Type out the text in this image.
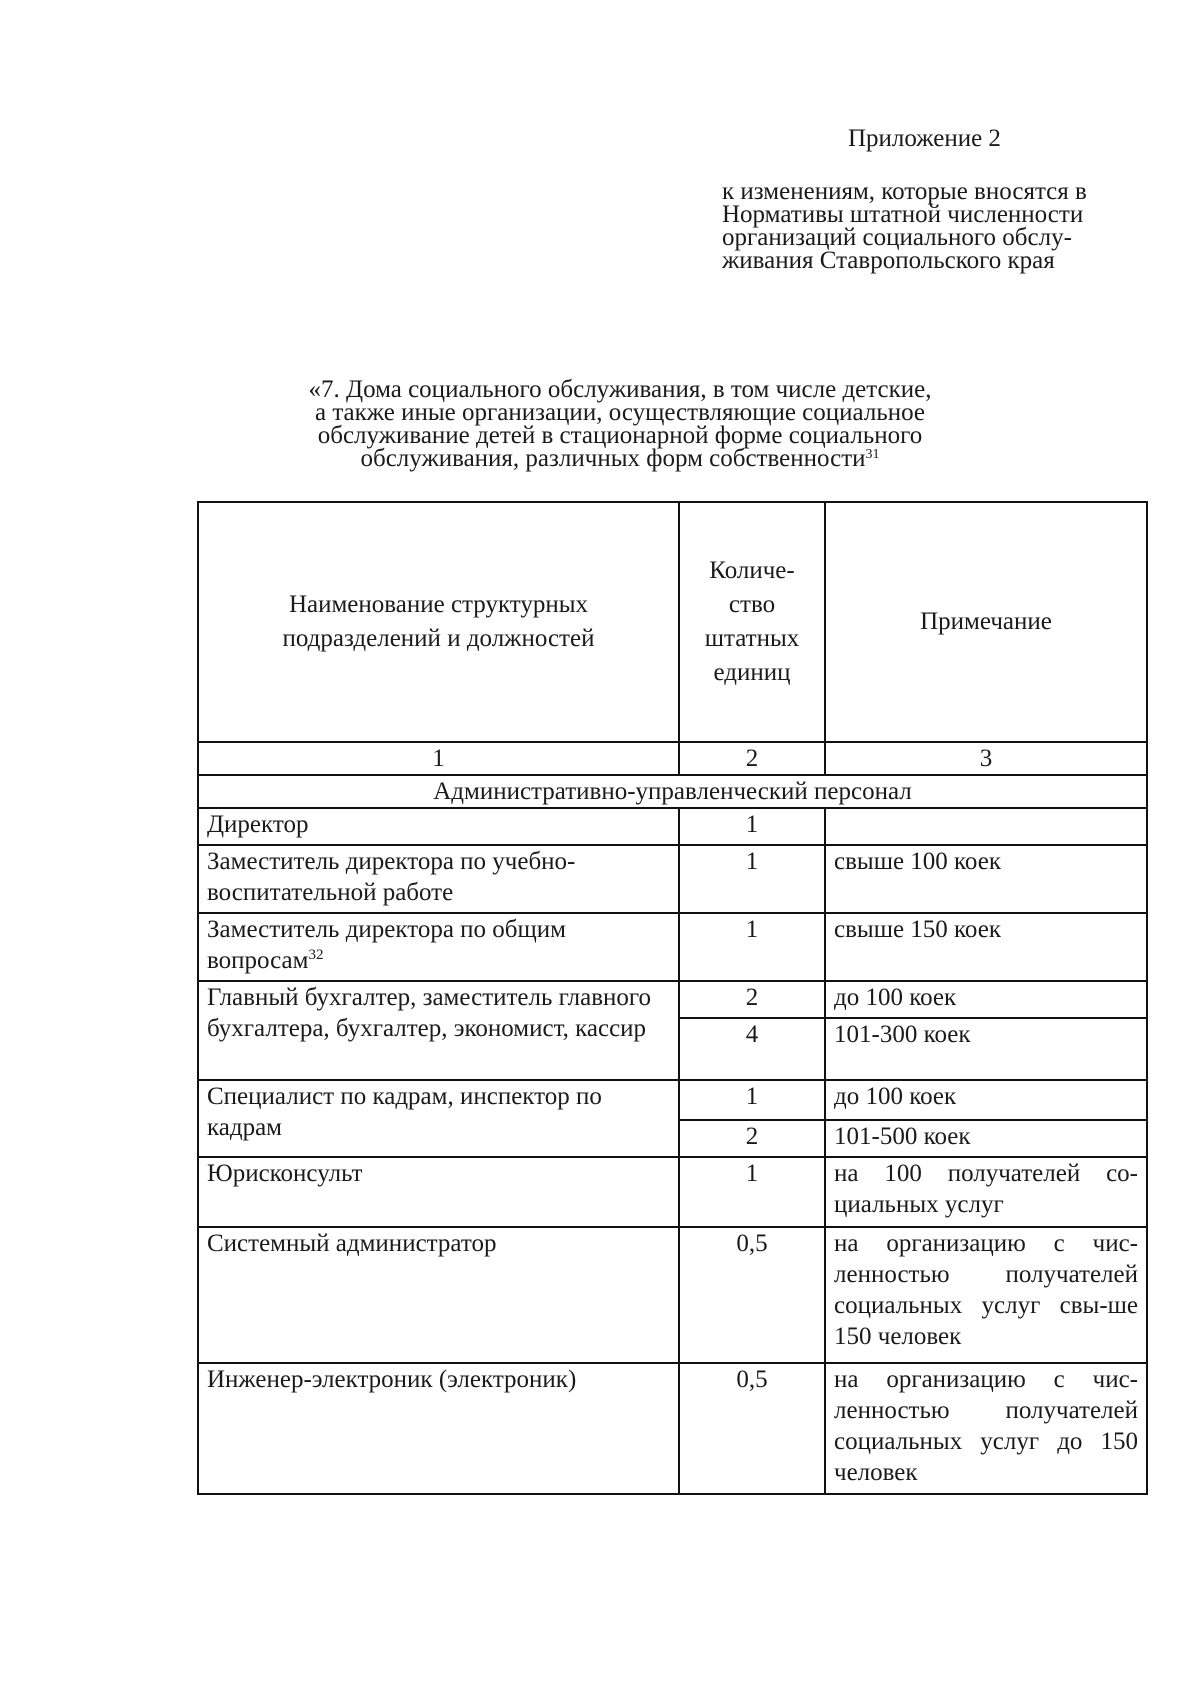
Приложение 2
к изменениям, которые вносятся в
Нормативы штатной численности
организаций социального обслу-
живания Ставропольского края
«7. Дома социального обслуживания, в том числе детские,
а также иные организации, осуществляющие социальное
обслуживание детей в стационарной форме социального
обслуживания, различных форм собственности$^{31}$
Наименование структурных подразделений и должностей	Количе-ство штатных единиц	Примечание
1	2	3
Административно-управленческий персонал		
Директор	1	
Заместитель директора по учебно-воспитательной работе	1	свыше 100 коек
Заместитель директора по общим вопросам$^{32}$	1	свыше 150 коек
Главный бухгалтер, заместитель главного бухгалтера, бухгалтер, экономист, кассир	2	до 100 коек
	4	101-300 коек
Специалист по кадрам, инспектор по кадрам	1	до 100 коек
	2	101-500 коек
Юрисконсульт	1	на 100 получателей со-циальных услуг
Системный администратор	0,5	на организацию с чис-ленностью получателей социальных услуг свы-ше 150 человек
Инженер-электроник (электроник)	0,5	на организацию с чис-ленностью получателей социальных услуг до 150 человек
